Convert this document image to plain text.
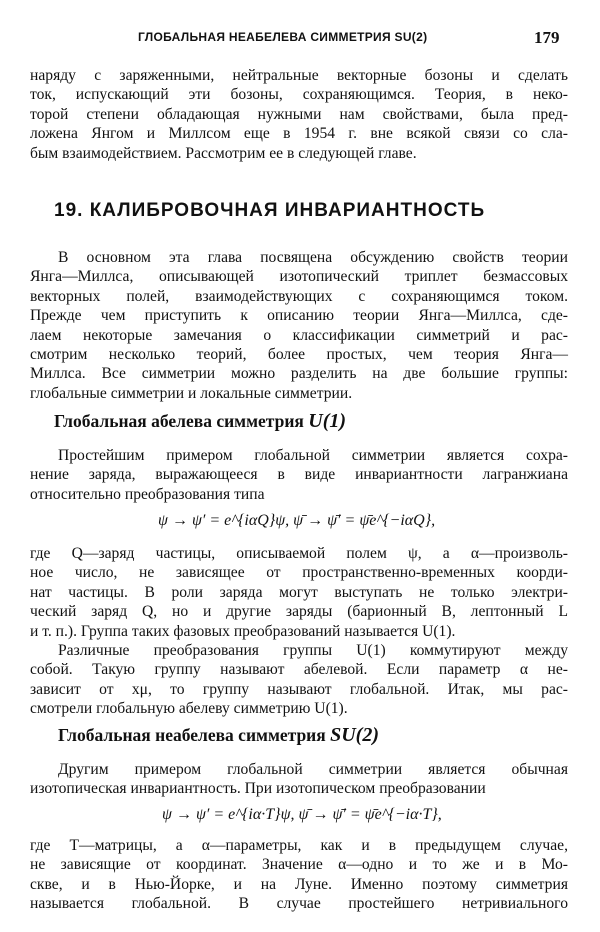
ГЛОБАЛЬНАЯ НЕАБЕЛЕВА СИММЕТРИЯ SU(2)	179

наряду с заряженными, нейтральные векторные бозоны и сделать
ток, испускающий эти бозоны, сохраняющимся. Теория, в неко-
торой степени обладающая нужными нам свойствами, была пред-
ложена Янгом и Миллсом еще в 1954 г. вне всякой связи со сла-
бым взаимодействием. Рассмотрим ее в следующей главе.

19. КАЛИБРОВОЧНАЯ ИНВАРИАНТНОСТЬ

В основном эта глава посвящена обсуждению свойств теории
Янга—Миллса, описывающей изотопический триплет безмассовых
векторных полей, взаимодействующих с сохраняющимся током.
Прежде чем приступить к описанию теории Янга—Миллса, сде-
лаем некоторые замечания о классификации симметрий и рас-
смотрим несколько теорий, более простых, чем теория Янга—
Миллса. Все симметрии можно разделить на две большие группы:
глобальные симметрии и локальные симметрии.

Глобальная абелева симметрия U(1)

Простейшим примером глобальной симметрии является сохра-
нение заряда, выражающееся в виде инвариантности лагранжиана
относительно преобразования типа

ψ → ψ′ = e^{iαQ}ψ, ψ̄ → ψ̄′ = ψ̄e^{−iαQ},

где Q—заряд частицы, описываемой полем ψ, а α—произволь-
ное число, не зависящее от пространственно-временных коорди-
нат частицы. В роли заряда могут выступать не только электри-
ческий заряд Q, но и другие заряды (барионный B, лептонный L
и т. п.). Группа таких фазовых преобразований называется U(1).

Различные преобразования группы U(1) коммутируют между
собой. Такую группу называют абелевой. Если параметр α не-
зависит от xμ, то группу называют глобальной. Итак, мы рас-
смотрели глобальную абелеву симметрию U(1).

Глобальная неабелева симметрия SU(2)

Другим примером глобальной симметрии является обычная
изотопическая инвариантность. При изотопическом преобразовании

ψ → ψ′ = e^{iα·T}ψ, ψ̄ → ψ̄′ = ψ̄e^{−iα·T},

где T—матрицы, а α—параметры, как и в предыдущем случае,
не зависящие от координат. Значение α—одно и то же и в Мо-
скве, и в Нью-Йорке, и на Луне. Именно поэтому симметрия
называется глобальной. В случае простейшего нетривиального
